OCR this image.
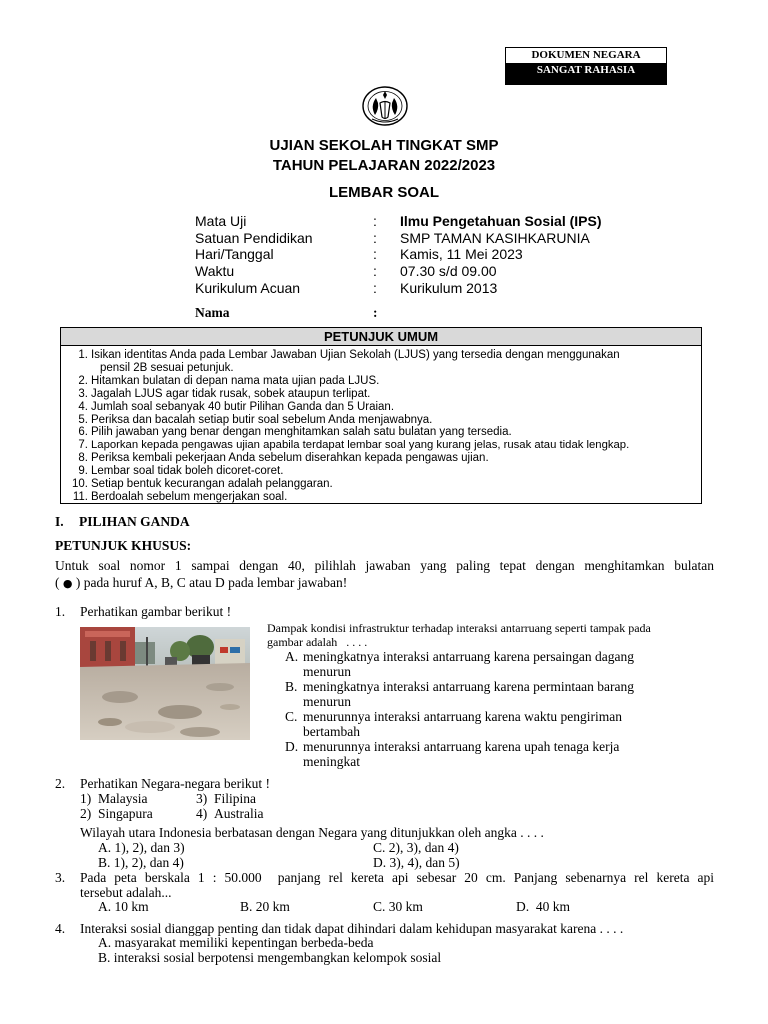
DOKUMEN NEGARA
SANGAT RAHASIA
UJIAN SEKOLAH TINGKAT SMP
TAHUN PELAJARAN 2022/2023
LEMBAR SOAL
Mata Uji	: Ilmu Pengetahuan Sosial (IPS)
Satuan Pendidikan	: SMP TAMAN KASIHKARUNIA
Hari/Tanggal	: Kamis, 11 Mei 2023
Waktu	: 07.30 s/d 09.00
Kurikulum Acuan	: Kurikulum 2013
Nama	:
PETUNJUK UMUM
1. Isikan identitas Anda pada Lembar Jawaban Ujian Sekolah (LJUS) yang tersedia dengan menggunakan
pensil 2B sesuai petunjuk.
2. Hitamkan bulatan di depan nama mata ujian pada LJUS.
3. Jagalah LJUS agar tidak rusak, sobek ataupun terlipat.
4. Jumlah soal sebanyak 40 butir Pilihan Ganda dan 5 Uraian.
5. Periksa dan bacalah setiap butir soal sebelum Anda menjawabnya.
6. Pilih jawaban yang benar dengan menghitamkan salah satu bulatan yang tersedia.
7. Laporkan kepada pengawas ujian apabila terdapat lembar soal yang kurang jelas, rusak atau tidak lengkap.
8. Periksa kembali pekerjaan Anda sebelum diserahkan kepada pengawas ujian.
9. Lembar soal tidak boleh dicoret-coret.
10. Setiap bentuk kecurangan adalah pelanggaran.
11. Berdoalah sebelum mengerjakan soal.
I. PILIHAN GANDA
PETUNJUK KHUSUS:
Untuk soal nomor 1 sampai dengan 40, pilihlah jawaban yang paling tepat dengan menghitamkan bulatan
( ● ) pada huruf A, B, C atau D pada lembar jawaban!
1. Perhatikan gambar berikut !
Dampak kondisi infrastruktur terhadap interaksi antarruang seperti tampak pada
gambar adalah   . . . .
A. meningkatnya interaksi antarruang karena persaingan dagang
menurun
B. meningkatnya interaksi antarruang karena permintaan barang
menurun
C. menurunnya interaksi antarruang karena waktu pengiriman
bertambah
D. menurunnya interaksi antarruang karena upah tenaga kerja
meningkat
2. Perhatikan Negara-negara berikut !
1) Malaysia	3) Filipina
2) Singapura	4) Australia
Wilayah utara Indonesia berbatasan dengan Negara yang ditunjukkan oleh angka . . . .
A. 1), 2), dan 3)	C. 2), 3), dan 4)
B. 1), 2), dan 4)	D. 3), 4), dan 5)
3. Pada peta berskala 1 : 50.000  panjang rel kereta api sebesar 20 cm. Panjang sebenarnya rel kereta api
tersebut adalah...
A. 10 km	B. 20 km	C. 30 km	D.  40 km
4. Interaksi sosial dianggap penting dan tidak dapat dihindari dalam kehidupan masyarakat karena . . . .
A. masyarakat memiliki kepentingan berbeda-beda
B. interaksi sosial berpotensi mengembangkan kelompok sosial
